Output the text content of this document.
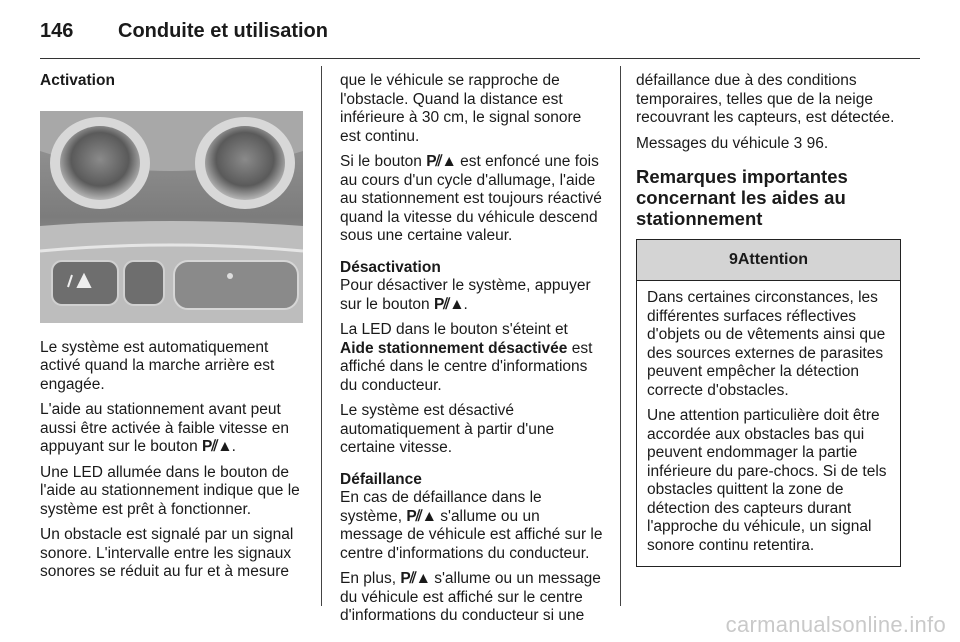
146 Conduite et utilisation
Activation

Le système est automatiquement activé quand la marche arrière est engagée.

L'aide au stationnement avant peut aussi être activée à faible vitesse en appuyant sur le bouton P⫽▲.

Une LED allumée dans le bouton de l'aide au stationnement indique que le système est prêt à fonctionner.

Un obstacle est signalé par un signal sonore. L'intervalle entre les signaux sonores se réduit au fur et à mesure

que le véhicule se rapproche de l'obstacle. Quand la distance est inférieure à 30 cm, le signal sonore est continu.

Si le bouton P⫽▲ est enfoncé une fois au cours d'un cycle d'allumage, l'aide au stationnement est toujours réactivé quand la vitesse du véhicule descend sous une certaine valeur.

Désactivation

Pour désactiver le système, appuyer sur le bouton P⫽▲.

La LED dans le bouton s'éteint et Aide stationnement désactivée est affiché dans le centre d'informations du conducteur.

Le système est désactivé automatiquement à partir d'une certaine vitesse.

Défaillance

En cas de défaillance dans le système, P⫽▲ s'allume ou un message de véhicule est affiché sur le centre d'informations du conducteur.

En plus, P⫽▲ s'allume ou un message du véhicule est affiché sur le centre d'informations du conducteur si une

défaillance due à des conditions temporaires, telles que de la neige recouvrant les capteurs, est détectée.

Messages du véhicule 3 96.

Remarques importantes concernant les aides au stationnement
9Attention

Dans certaines circonstances, les différentes surfaces réflectives d'objets ou de vêtements ainsi que des sources externes de parasites peuvent empêcher la détection correcte d'obstacles.

Une attention particulière doit être accordée aux obstacles bas qui peuvent endommager la partie inférieure du pare-chocs. Si de tels obstacles quittent la zone de détection des capteurs durant l'approche du véhicule, un signal sonore continu retentira.

carmanualsonline.info
